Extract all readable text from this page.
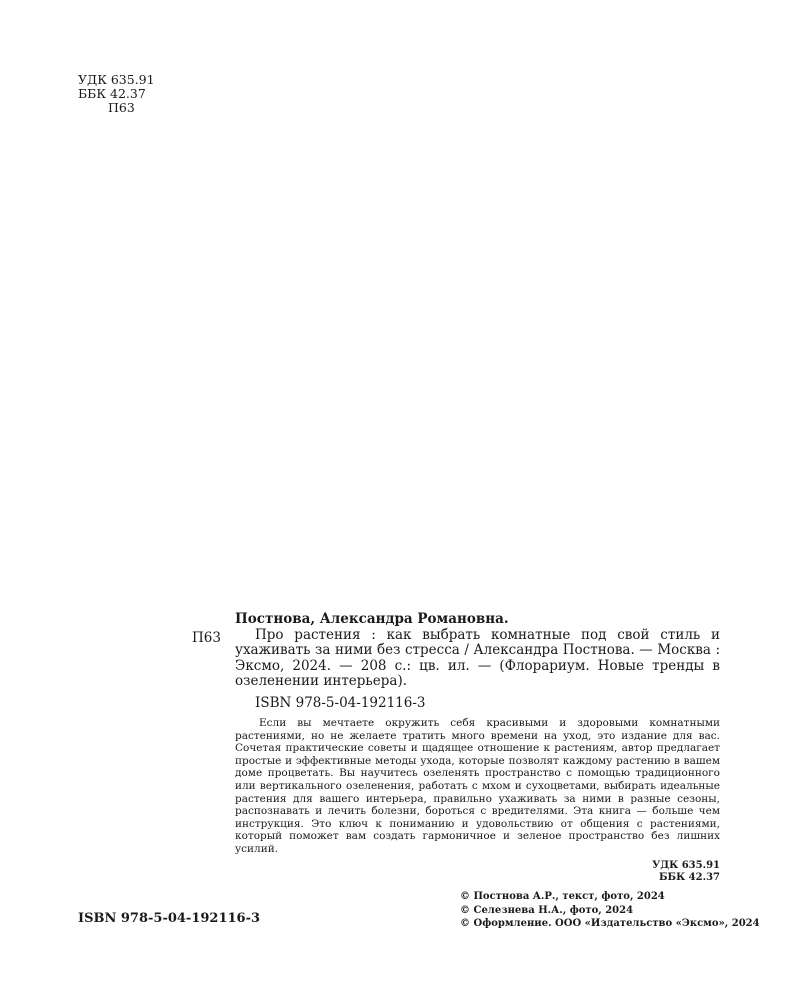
УДК 635.91
ББК 42.37
П63
П63

Постнова, Александра Романовна.

Про растения : как выбрать комнатные под свой стиль и ухаживать за ними без стресса / Александра Постнова. — Москва : Эксмо, 2024. — 208 с.: цв. ил. — (Флорариум. Новые тренды в озеленении интерьера).

ISBN 978-5-04-192116-3

Если вы мечтаете окружить себя красивыми и здоровыми комнатными растениями, но не желаете тратить много времени на уход, это издание для вас. Сочетая практические советы и щадящее отношение к растениям, автор предлагает простые и эффективные методы ухода, которые позволят каждому растению в вашем доме процветать. Вы научитесь озеленять пространство с помощью традиционного или вертикального озеленения, работать с мхом и сухоцветами, выбирать идеальные растения для вашего интерьера, правильно ухаживать за ними в разные сезоны, распознавать и лечить болезни, бороться с вредителями. Эта книга — больше чем инструкция. Это ключ к пониманию и удовольствию от общения с растениями, который поможет вам создать гармоничное и зеленое пространство без лишних усилий.

УДК 635.91
ББК 42.37
ISBN 978-5-04-192116-3
© Постнова А.Р., текст, фото, 2024
© Селезнева Н.А., фото, 2024
© Оформление. ООО «Издательство «Эксмо», 2024
